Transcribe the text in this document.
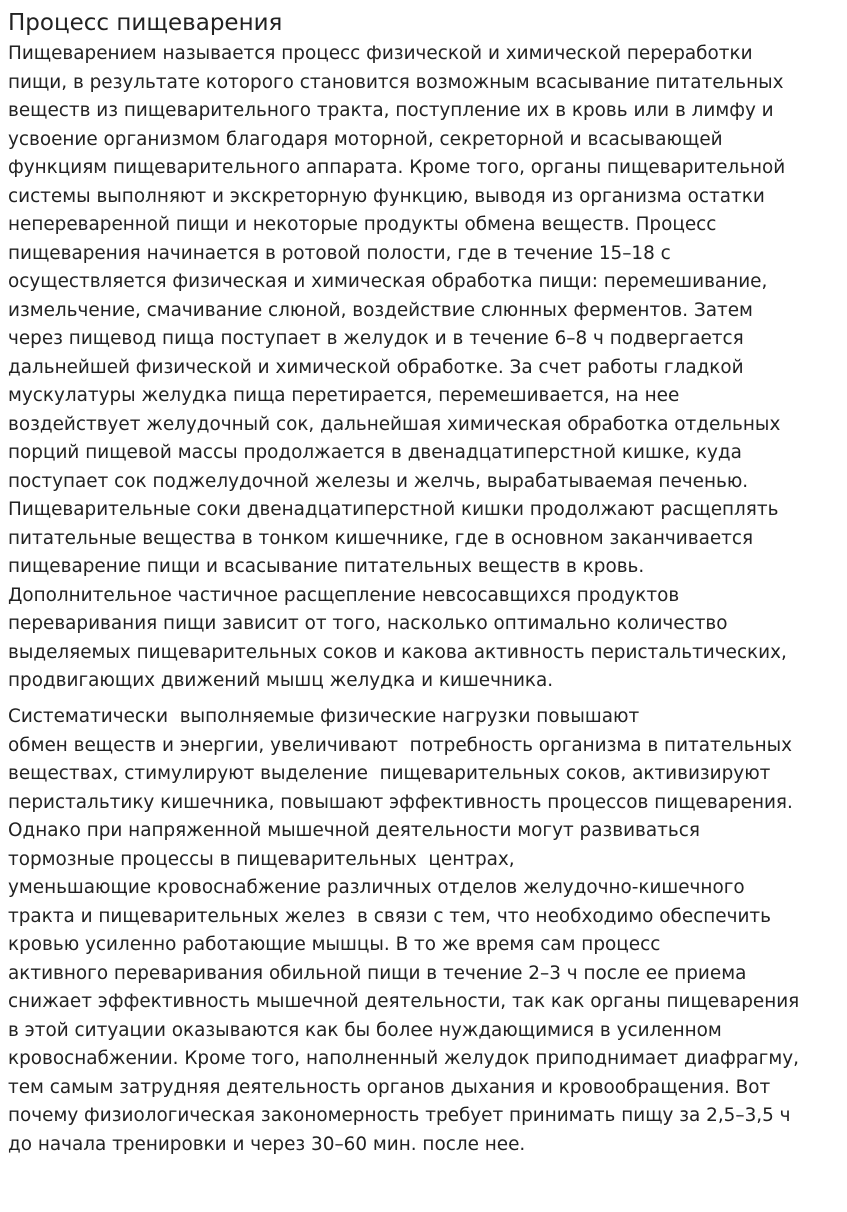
Процесс пищеварения

Пищеварением называется процесс физической и химической переработки
пищи, в результате которого становится возможным всасывание питательных
веществ из пищеварительного тракта, поступление их в кровь или в лимфу и
усвоение организмом благодаря моторной, секреторной и всасывающей
функциям пищеварительного аппарата. Кроме того, органы пищеварительной
системы выполняют и экскреторную функцию, выводя из организма остатки
непереваренной пищи и некоторые продукты обмена веществ. Процесс
пищеварения начинается в ротовой полости, где в течение 15–18 с
осуществляется физическая и химическая обработка пищи: перемешивание,
измельчение, смачивание слюной, воздействие слюнных ферментов. Затем
через пищевод пища поступает в желудок и в течение 6–8 ч подвергается
дальнейшей физической и химической обработке. За счет работы гладкой
мускулатуры желудка пища перетирается, перемешивается, на нее
воздействует желудочный сок, дальнейшая химическая обработка отдельных
порций пищевой массы продолжается в двенадцатиперстной кишке, куда
поступает сок поджелудочной железы и желчь, вырабатываемая печенью.
Пищеварительные соки двенадцатиперстной кишки продолжают расщеплять
питательные вещества в тонком кишечнике, где в основном заканчивается
пищеварение пищи и всасывание питательных веществ в кровь.
Дополнительное частичное расщепление невсосавщихся продуктов
переваривания пищи зависит от того, насколько оптимально количество
выделяемых пищеварительных соков и какова активность перистальтических,
продвигающих движений мышц желудка и кишечника.

Систематически  выполняемые физические нагрузки повышают
обмен веществ и энергии, увеличивают  потребность организма в питательных
веществах, стимулируют выделение  пищеварительных соков, активизируют
перистальтику кишечника, повышают эффективность процессов пищеварения.
Однако при напряженной мышечной деятельности могут развиваться
тормозные процессы в пищеварительных  центрах,
уменьшающие кровоснабжение различных отделов желудочно-кишечного
тракта и пищеварительных желез  в связи с тем, что необходимо обеспечить
кровью усиленно работающие мышцы. В то же время сам процесс
активного переваривания обильной пищи в течение 2–3 ч после ее приема
снижает эффективность мышечной деятельности, так как органы пищеварения
в этой ситуации оказываются как бы более нуждающимися в усиленном
кровоснабжении. Кроме того, наполненный желудок приподнимает диафрагму,
тем самым затрудняя деятельность органов дыхания и кровообращения. Вот
почему физиологическая закономерность требует принимать пищу за 2,5–3,5 ч
до начала тренировки и через 30–60 мин. после нее.
